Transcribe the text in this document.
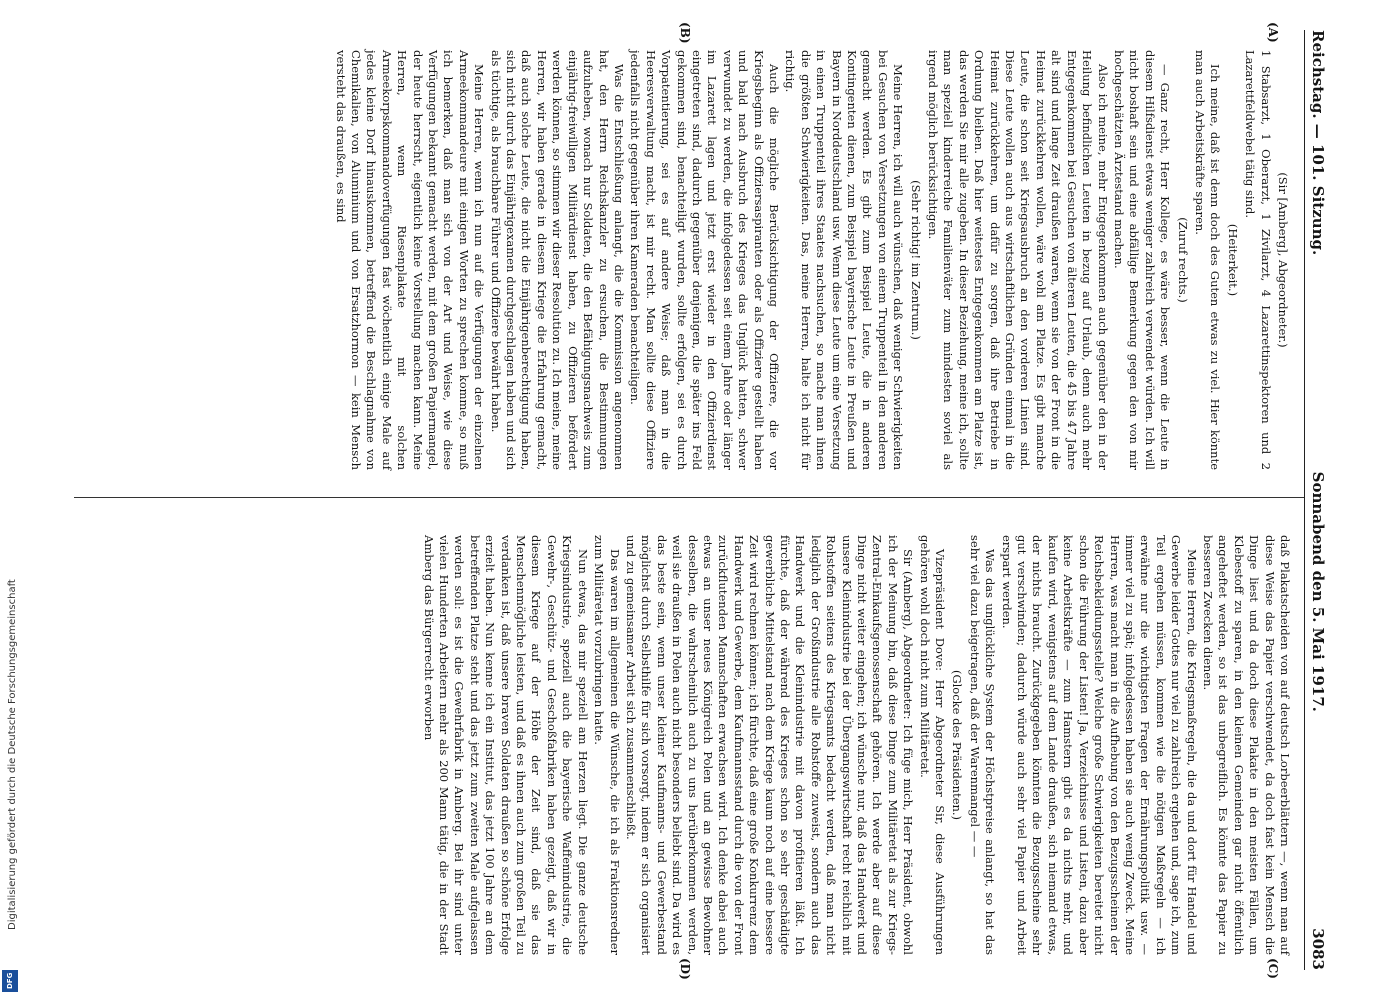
Reichstag. — 101. Sitzung.
Sonnabend den 5. Mai 1917.
3083
(A)
(B)
(C)
(D)

(Sir [Amberg], Abgeordneter.)

1 Stabsarzt, 1 Oberarzt, 1 Zivilarzt, 4 Lazarettinspektoren und 2 Lazarettfeldwebel tätig sind.

(Heiterkeit.)

Ich meine, daß ist denn doch des Guten etwas zu viel. Hier könnte man auch Arbeitskräfte sparen.

(Zuruf rechts.)

— Ganz recht, Herr Kollege, es wäre besser, wenn die Leute in diesem Hilfsdienst etwas weniger zahlreich verwendet würden. Ich will nicht boshaft sein und eine abfällige Bemerkung gegen den von mir hochgeschätzten Ärztestand machen.

Also ich meine, mehr Entgegenkommen auch gegenüber den in der Heilung befindlichen Leuten in bezug auf Urlaub, denn auch mehr Entgegenkommen bei Gesuchen von älteren Leuten, die 45 bis 47 Jahre alt sind und lange Zeit draußen waren, wenn sie von der Front in die Heimat zurückkehren wollen, wäre wohl am Platze. Es gibt manche Leute, die schon seit Kriegsausbruch an den vorderen Linien sind. Diese Leute wollen auch aus wirtschaftlichen Gründen einmal in die Heimat zurückkehren, um dafür zu sorgen, daß ihre Betriebe in Ordnung bleiben. Daß hier weitestes Entgegenkommen am Platze ist, das werden Sie mir alle zugeben. In dieser Beziehung, meine ich, sollte man speziell kinderreiche Familienväter zum mindesten soviel als irgend möglich berücksichtigen.

(Sehr richtig! im Zentrum.)

Meine Herren, ich will auch wünschen, daß weniger Schwierigkeiten bei Gesuchen von Versetzungen von einem Truppenteil in den anderen gemacht werden. Es gibt zum Beispiel Leute, die in anderen Kontingenten dienen, zum Beispiel bayerische Leute in Preußen und Bayern in Norddeutschland usw. Wenn diese Leute um eine Versetzung in einen Truppenteil ihres Staates nachsuchen, so mache man ihnen die größten Schwierigkeiten. Das, meine Herren, halte ich nicht für richtig.

Auch die mögliche Berücksichtigung der Offiziere, die vor Kriegsbeginn als Offiziersaspiranten oder als Offiziere gestellt haben und bald nach Ausbruch des Krieges das Unglück hatten, schwer verwundet zu werden, die infolgedessen seit einem Jahre oder länger im Lazarett lagen und jetzt erst wieder in den Offizierdienst eingetreten sind, dadurch gegenüber denjenigen, die später ins Feld gekommen sind, benachteiligt wurden, sollte erfolgen, sei es durch Vorpatentierung, sei es auf andere Weise; daß man in die Heeresverwaltung macht, ist mir recht. Man sollte diese Offiziere jedenfalls nicht gegenüber ihren Kameraden benachteiligen.

Was die Entschließung anlangt, die die Kommission angenommen hat, den Herrn Reichskanzler zu ersuchen, die Bestimmungen aufzuheben, wonach nur Soldaten, die den Befähigungsnachweis zum einjährig-freiwilligen Militärdienst haben, zu Offizieren befördert werden können, so stimmen wir dieser Resolution zu. Ich meine, meine Herren, wir haben gerade in diesem Kriege die Erfahrung gemacht, daß auch solche Leute, die nicht die Einjährigenberechtigung haben, sich nicht durch das Einjährigexamen durchgeschlagen haben und sich als tüchtige, als brauchbare Führer und Offiziere bewährt haben.

Meine Herren, wenn ich nun auf die Verfügungen der einzelnen Armeekommandeure mit einigen Worten zu sprechen komme, so muß ich bemerken, daß man sich von der Art und Weise, wie diese Verfügungen bekannt gemacht werden, mit dem großen Papiermangel, der heute herrscht, eigentlich keine Vorstellung machen kann. Meine Herren, wenn Riesenplakate mit solchen Armeekorpskommandoverfügungen fast wöchentlich einige Male auf jedes kleine Dorf hinauskommen, betreffend die Beschlagnahme von Chemikalien, von Aluminium und von Ersatzhormon — kein Mensch versteht das draußen, es sind

daß Plakatscheiden von auf deutsch Lorbeerblättern —, wenn man auf diese Weise das Papier verschwendet, da doch fast kein Mensch die Dinge liest und da doch diese Plakate in den meisten Fällen, um Klebestoff zu sparen, in den kleinen Gemeinden gar nicht öffentlich angeheftet werden, so ist das unbegreiflich. Es könnte das Papier zu besseren Zwecken dienen.

Meine Herren, die Kriegsmaßregeln, die da und dort für Handel und Gewerbe leider Gottes nur viel zu zahlreich ergehen und, sage ich, zum Teil ergehen müssen, kommen wie die nötigen Maßregeln — ich erwähne nur die wichtigsten Fragen der Ernährungspolitik usw. — immer viel zu spät; infolgedessen haben sie auch wenig Zweck. Meine Herren, was macht man in die Aufhebung von den Bezugsscheinen der Reichsbekleidungsstelle? Welche große Schwierigkeiten bereitet nicht schon die Führung der Listen! Ja, Verzeichnisse und Listen, dazu aber keine Arbeitskräfte — zum Hamstern gibt es da nichts mehr, und kaufen wird, wenigstens auf dem Lande draußen, sich niemand etwas, der nichts braucht. Zurückgegeben könnten die Bezugsscheine sehr gut verschwinden; dadurch würde auch sehr viel Papier und Arbeit erspart werden.

Was das unglückliche System der Höchstpreise anlangt, so hat das sehr viel dazu beigetragen, daß der Warenmangel — —

(Glocke des Präsidenten.)

Vizepräsident Dove: Herr Abgeordneter Sir, diese Ausführungen gehören wohl doch nicht zum Militäretat.

Sir (Amberg), Abgeordneter: Ich füge mich, Herr Präsident, obwohl ich der Meinung bin, daß diese Dinge zum Militäretat als zur Kriegs-Zentral-Einkaufsgenossenschaft gehören. Ich werde aber auf diese Dinge nicht weiter eingehen; ich wünsche nur, daß das Handwerk und unsere Kleinindustrie bei der Übergangswirtschaft recht reichlich mit Rohstoffen seitens des Kriegsamts bedacht werden, daß man nicht lediglich der Großindustrie alle Rohstoffe zuweist, sondern auch das Handwerk und die Kleinindustrie mit davon profitieren läßt. Ich fürchte, daß der während des Krieges schon so sehr geschädigte gewerbliche Mittelstand nach dem Kriege kaum noch auf eine bessere Zeit wird rechnen können; ich fürchte, daß eine große Konkurrenz dem Handwerk und Gewerbe, dem Kaufmannsstand durch die von der Front zurückflutenden Mannschaften erwachsen wird. Ich denke dabei auch etwas an unser neues Königreich Polen und an gewisse Bewohner desselben, die wahrscheinlich auch zu uns herüberkommen werden, weil sie draußen in Polen auch nicht besonders beliebt sind. Da wird es das beste sein, wenn unser kleiner Kaufmanns- und Gewerbestand möglichst durch Selbsthilfe für sich vorsorgt, indem er sich organisiert und zu gemeinsamer Arbeit sich zusammenschließt.

Das waren im allgemeinen die Wünsche, die ich als Fraktionsredner zum Militäretat vorzubringen hatte.

Nun etwas, das mir speziell am Herzen liegt. Die ganze deutsche Kriegsindustrie, speziell auch die bayerische Waffenindustrie, die Gewehr-, Geschütz- und Geschoßfabriken haben gezeigt, daß wir in diesem Kriege auf der Höhe der Zeit sind, daß sie das Menschenmögliche leisten, und daß es ihnen auch zum großen Teil zu verdanken ist, daß unsere braven Soldaten draußen so schöne Erfolge erzielt haben. Nun kenne ich ein Institut, das jetzt 100 Jahre an dem betreffenden Platze steht und das jetzt zum zweiten Male aufgelassen werden soll: es ist die Gewehrfabrik in Amberg. Bei ihr sind unter vielen Hunderten Arbeitern mehr als 200 Mann tätig, die in der Stadt Amberg das Bürgerrecht erworben

Digitalisierung gefördert durch die Deutsche Forschungsgemeinschaft
DFG
